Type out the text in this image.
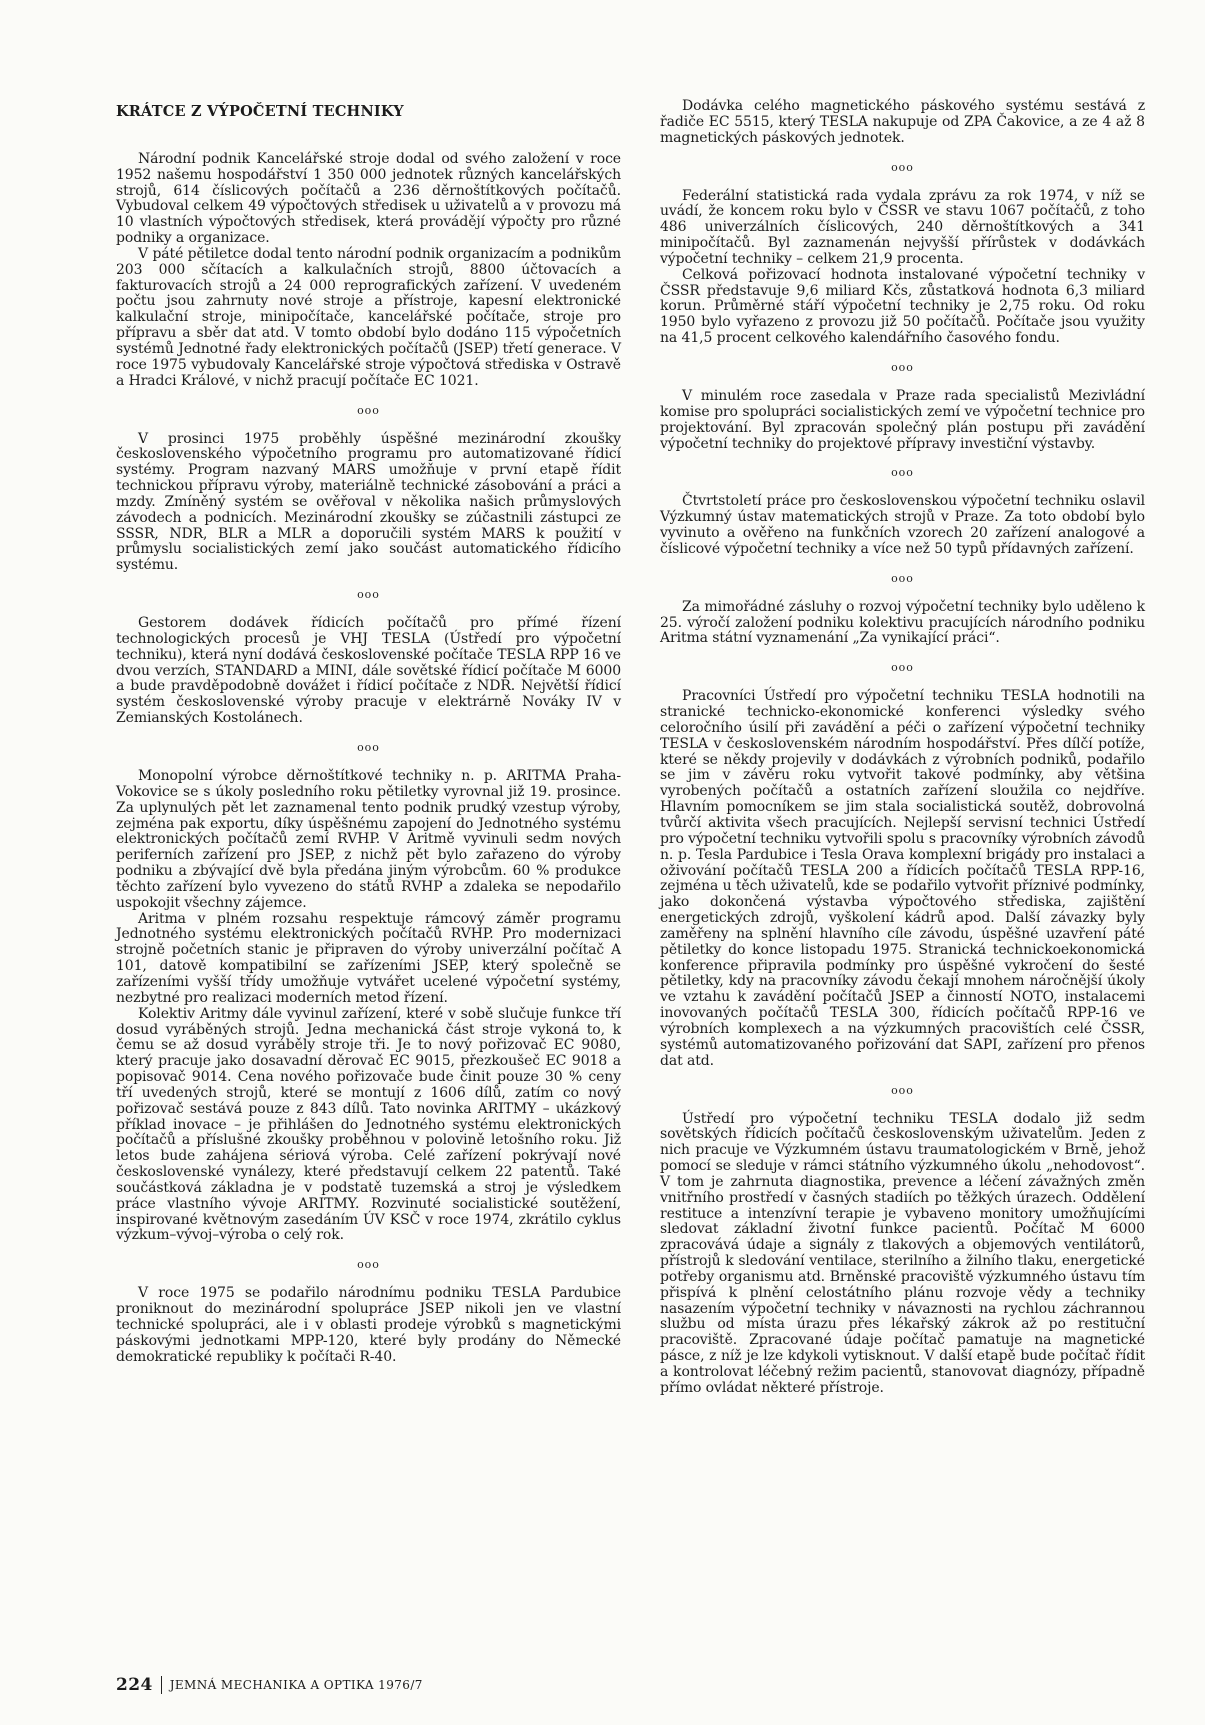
KRÁTCE Z VÝPOČETNÍ TECHNIKY

Národní podnik Kancelářské stroje dodal od svého založení v roce 1952 našemu hospodářství 1 350 000 jednotek různých kancelářských strojů, 614 číslicových počítačů a 236 děrnoštítkových počítačů. Vybudoval celkem 49 výpočtových středisek u uživatelů a v provozu má 10 vlastních výpočtových středisek, která provádějí výpočty pro různé podniky a organizace.

V páté pětiletce dodal tento národní podnik organizacím a podnikům 203 000 sčítacích a kalkulačních strojů, 8800 účtovacích a fakturovacích strojů a 24 000 reprografických zařízení. V uvedeném počtu jsou zahrnuty nové stroje a přístroje, kapesní elektronické kalkulační stroje, minipočítače, kancelářské počítače, stroje pro přípravu a sběr dat atd. V tomto období bylo dodáno 115 výpočetních systémů Jednotné řady elektronických počítačů (JSEP) třetí generace. V roce 1975 vybudovaly Kancelářské stroje výpočtová střediska v Ostravě a Hradci Králové, v nichž pracují počítače EC 1021.

ooo

V prosinci 1975 proběhly úspěšné mezinárodní zkoušky československého výpočetního programu pro automatizované řídicí systémy. Program nazvaný MARS umožňuje v první etapě řídit technickou přípravu výroby, materiálně technické zásobování a práci a mzdy. Zmíněný systém se ověřoval v několika našich průmyslových závodech a podnicích. Mezinárodní zkoušky se zúčastnili zástupci ze SSSR, NDR, BLR a MLR a doporučili systém MARS k použití v průmyslu socialistických zemí jako součást automatického řídicího systému.

ooo

Gestorem dodávek řídicích počítačů pro přímé řízení technologických procesů je VHJ TESLA (Ústředí pro výpočetní techniku), která nyní dodává československé počítače TESLA RPP 16 ve dvou verzích, STANDARD a MINI, dále sovětské řídicí počítače M 6000 a bude pravděpodobně dovážet i řídicí počítače z NDR. Největší řídicí systém československé výroby pracuje v elektrárně Nováky IV v Zemianských Kostolánech.

ooo

Monopolní výrobce děrnoštítkové techniky n. p. ARITMA Praha-Vokovice se s úkoly posledního roku pětiletky vyrovnal již 19. prosince. Za uplynulých pět let zaznamenal tento podnik prudký vzestup výroby, zejména pak exportu, díky úspěšnému zapojení do Jednotného systému elektronických počítačů zemí RVHP. V Aritmě vyvinuli sedm nových periferních zařízení pro JSEP, z nichž pět bylo zařazeno do výroby podniku a zbývající dvě byla předána jiným výrobcům. 60 % produkce těchto zařízení bylo vyvezeno do států RVHP a zdaleka se nepodařilo uspokojit všechny zájemce.

Aritma v plném rozsahu respektuje rámcový záměr programu Jednotného systému elektronických počítačů RVHP. Pro modernizaci strojně početních stanic je připraven do výroby univerzální počítač A 101, datově kompatibilní se zařízeními JSEP, který společně se zařízeními vyšší třídy umožňuje vytvářet ucelené výpočetní systémy, nezbytné pro realizaci moderních metod řízení.

Kolektiv Aritmy dále vyvinul zařízení, které v sobě slučuje funkce tří dosud vyráběných strojů. Jedna mechanická část stroje vykoná to, k čemu se až dosud vyráběly stroje tři. Je to nový pořizovač EC 9080, který pracuje jako dosavadní děrovač EC 9015, přezkoušeč EC 9018 a popisovač 9014. Cena nového pořizovače bude činit pouze 30 % ceny tří uvedených strojů, které se montují z 1606 dílů, zatím co nový pořizovač sestává pouze z 843 dílů. Tato novinka ARITMY – ukázkový příklad inovace – je přihlášen do Jednotného systému elektronických počítačů a příslušné zkoušky proběhnou v polovině letošního roku. Již letos bude zahájena sériová výroba. Celé zařízení pokrývají nové československé vynálezy, které představují celkem 22 patentů. Také součástková základna je v podstatě tuzemská a stroj je výsledkem práce vlastního vývoje ARITMY. Rozvinuté socialistické soutěžení, inspirované květnovým zasedáním ÚV KSČ v roce 1974, zkrátilo cyklus výzkum–vývoj–výroba o celý rok.

ooo

V roce 1975 se podařilo národnímu podniku TESLA Pardubice proniknout do mezinárodní spolupráce JSEP nikoli jen ve vlastní technické spolupráci, ale i v oblasti prodeje výrobků s magnetickými páskovými jednotkami MPP-120, které byly prodány do Německé demokratické republiky k počítači R-40.

Dodávka celého magnetického páskového systému sestává z řadiče EC 5515, který TESLA nakupuje od ZPA Čakovice, a ze 4 až 8 magnetických páskových jednotek.

ooo

Federální statistická rada vydala zprávu za rok 1974, v níž se uvádí, že koncem roku bylo v ČSSR ve stavu 1067 počítačů, z toho 486 univerzálních číslicových, 240 děrnoštítkových a 341 minipočítačů. Byl zaznamenán nejvyšší přírůstek v dodávkách výpočetní techniky – celkem 21,9 procenta.

Celková pořizovací hodnota instalované výpočetní techniky v ČSSR představuje 9,6 miliard Kčs, zůstatková hodnota 6,3 miliard korun. Průměrné stáří výpočetní techniky je 2,75 roku. Od roku 1950 bylo vyřazeno z provozu již 50 počítačů. Počítače jsou využity na 41,5 procent celkového kalendářního časového fondu.

ooo

V minulém roce zasedala v Praze rada specialistů Mezivládní komise pro spolupráci socialistických zemí ve výpočetní technice pro projektování. Byl zpracován společný plán postupu při zavádění výpočetní techniky do projektové přípravy investiční výstavby.

ooo

Čtvrtstoletí práce pro československou výpočetní techniku oslavil Výzkumný ústav matematických strojů v Praze. Za toto období bylo vyvinuto a ověřeno na funkčních vzorech 20 zařízení analogové a číslicové výpočetní techniky a více než 50 typů přídavných zařízení.

ooo

Za mimořádné zásluhy o rozvoj výpočetní techniky bylo uděleno k 25. výročí založení podniku kolektivu pracujících národního podniku Aritma státní vyznamenání „Za vynikající práci“.

ooo

Pracovníci Ústředí pro výpočetní techniku TESLA hodnotili na stranické technicko-ekonomické konferenci výsledky svého celoročního úsilí při zavádění a péči o zařízení výpočetní techniky TESLA v československém národním hospodářství. Přes dílčí potíže, které se někdy projevily v dodávkách z výrobních podniků, podařilo se jim v závěru roku vytvořit takové podmínky, aby většina vyrobených počítačů a ostatních zařízení sloužila co nejdříve. Hlavním pomocníkem se jim stala socialistická soutěž, dobrovolná tvůrčí aktivita všech pracujících. Nejlepší servisní technici Ústředí pro výpočetní techniku vytvořili spolu s pracovníky výrobních závodů n. p. Tesla Pardubice i Tesla Orava komplexní brigády pro instalaci a oživování počítačů TESLA 200 a řídicích počítačů TESLA RPP-16, zejména u těch uživatelů, kde se podařilo vytvořit příznivé podmínky, jako dokončená výstavba výpočtového střediska, zajištění energetických zdrojů, vyškolení kádrů apod. Další závazky byly zaměřeny na splnění hlavního cíle závodu, úspěšné uzavření páté pětiletky do konce listopadu 1975. Stranická technickoekonomická konference připravila podmínky pro úspěšné vykročení do šesté pětiletky, kdy na pracovníky závodu čekají mnohem náročnější úkoly ve vztahu k zavádění počítačů JSEP a činností NOTO, instalacemi inovovaných počítačů TESLA 300, řídicích počítačů RPP-16 ve výrobních komplexech a na výzkumných pracovištích celé ČSSR, systémů automatizovaného pořizování dat SAPI, zařízení pro přenos dat atd.

ooo

Ústředí pro výpočetní techniku TESLA dodalo již sedm sovětských řídicích počítačů československým uživatelům. Jeden z nich pracuje ve Výzkumném ústavu traumatologickém v Brně, jehož pomocí se sleduje v rámci státního výzkumného úkolu „nehodovost“. V tom je zahrnuta diagnostika, prevence a léčení závažných změn vnitřního prostředí v časných stadiích po těžkých úrazech. Oddělení restituce a intenzívní terapie je vybaveno monitory umožňujícími sledovat základní životní funkce pacientů. Počítač M 6000 zpracovává údaje a signály z tlakových a objemových ventilátorů, přístrojů k sledování ventilace, sterilního a žilního tlaku, energetické potřeby organismu atd. Brněnské pracoviště výzkumného ústavu tím přispívá k plnění celostátního plánu rozvoje vědy a techniky nasazením výpočetní techniky v návaznosti na rychlou záchrannou službu od místa úrazu přes lékařský zákrok až po restituční pracoviště. Zpracované údaje počítač pamatuje na magnetické pásce, z níž je lze kdykoli vytisknout. V další etapě bude počítač řídit a kontrolovat léčebný režim pacientů, stanovovat diagnózy, případně přímo ovládat některé přístroje.

224 JEMNÁ MECHANIKA A OPTIKA 1976/7
